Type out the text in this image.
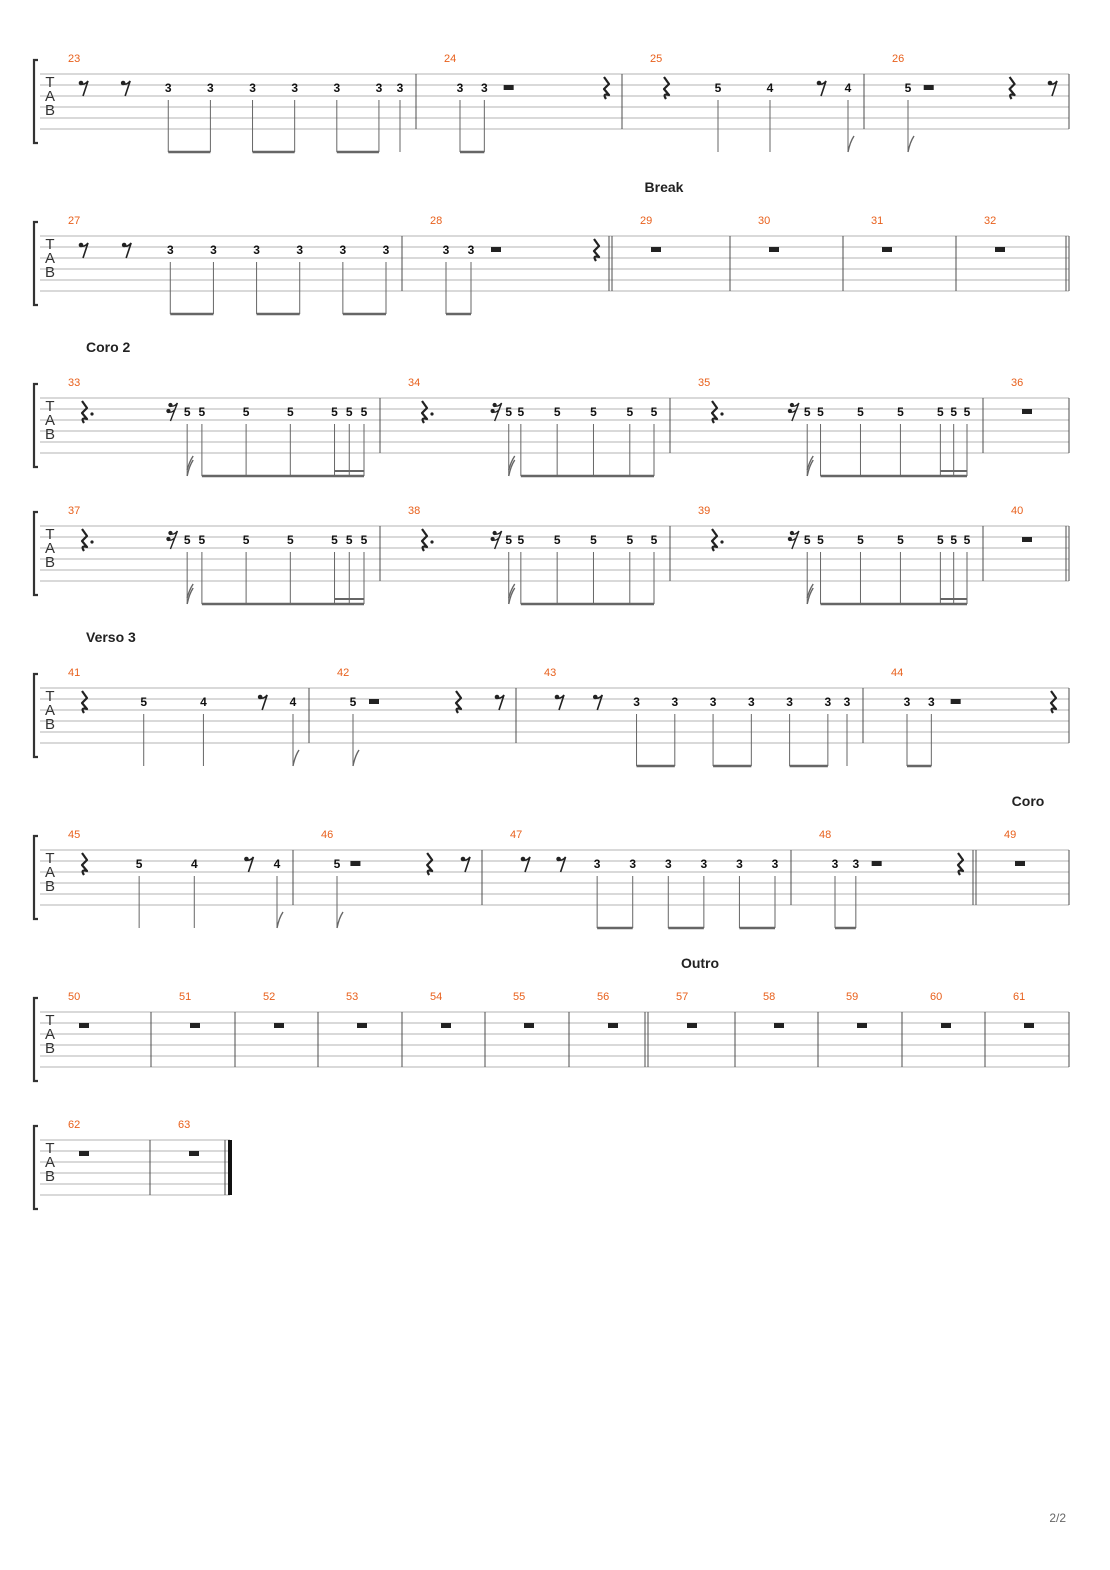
T
A
B
23
3	3	3	3	3	3 3
24
3 3
25
5	4	4
26
5
T
A
B
27
3	3	3	3	3	3
28
3 3
29
Break
30	31	32
T
A
B
Coro 2
33
5 5	5	5	5 5 5
34
5 5 5 5 5 5
35
5 5	5	5	5 5 5
36
T
A
B
37
5 5	5	5	5 5 5
38
5 5 5 5 5 5
39
5 5	5	5	5 5 5
40
T
A
B
Verso 3
41
5	4	4
42
5
43
3	3	3	3	3	3 3
44
3 3
T
A
B
45
5	4	4
46
5
47
3 3 3 3 3 3
48
3 3
49
Coro
T
A
B
50	51	52	53	54	55	56	57
Outro
58	59	60	61
T
A
B
62	63
2/2
